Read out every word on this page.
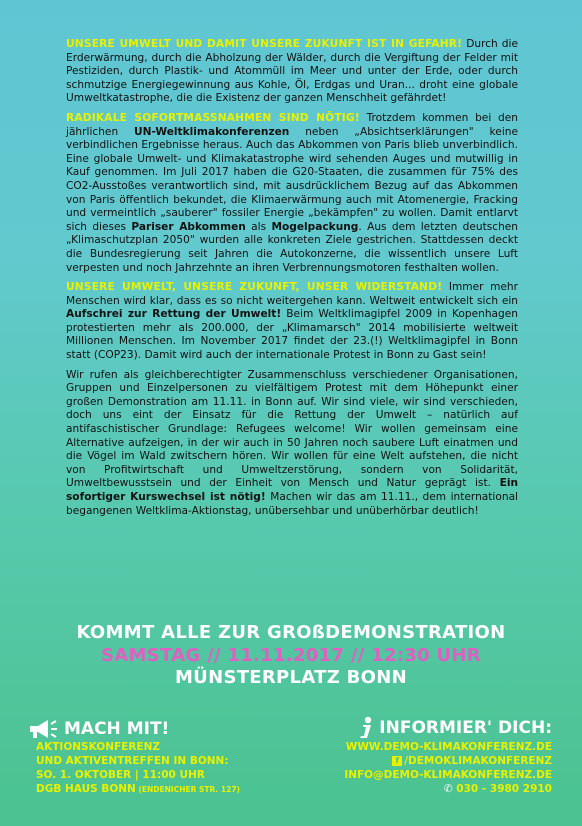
UNSERE UMWELT UND DAMIT UNSERE ZUKUNFT IST IN GEFAHR! Durch die Erderwärmung, durch die Abholzung der Wälder, durch die Vergiftung der Felder mit Pestiziden, durch Plastik- und Atommüll im Meer und unter der Erde, oder durch schmutzige Energiegewinnung aus Kohle, Öl, Erdgas und Uran... droht eine globale Umweltkatastrophe, die die Existenz der ganzen Menschheit gefährdet!

RADIKALE SOFORTMASSNAHMEN SIND NÖTIG! Trotzdem kommen bei den jährlichen UN-Weltklimakonferenzen neben „Absichtserklärungen" keine verbindlichen Ergebnisse heraus. Auch das Abkommen von Paris blieb unverbindlich. Eine globale Umwelt- und Klimakatastrophe wird sehenden Auges und mutwillig in Kauf genommen. Im Juli 2017 haben die G20-Staaten, die zusammen für 75% des CO2-Ausstoßes verantwortlich sind, mit ausdrücklichem Bezug auf das Abkommen von Paris öffentlich bekundet, die Klimaerwärmung auch mit Atomenergie, Fracking und vermeintlich „sauberer" fossiler Energie „bekämpfen" zu wollen. Damit entlarvt sich dieses Pariser Abkommen als Mogelpackung. Aus dem letzten deutschen „Klimaschutzplan 2050" wurden alle konkreten Ziele gestrichen. Stattdessen deckt die Bundesregierung seit Jahren die Autokonzerne, die wissentlich unsere Luft verpesten und noch Jahrzehnte an ihren Verbrennungsmotoren festhalten wollen.

UNSERE UMWELT, UNSERE ZUKUNFT, UNSER WIDERSTAND! Immer mehr Menschen wird klar, dass es so nicht weitergehen kann. Weltweit entwickelt sich ein Aufschrei zur Rettung der Umwelt! Beim Weltklimagipfel 2009 in Kopenhagen protestierten mehr als 200.000, der „Klimamarsch" 2014 mobilisierte weltweit Millionen Menschen. Im November 2017 findet der 23.(!) Weltklimagipfel in Bonn statt (COP23). Damit wird auch der internationale Protest in Bonn zu Gast sein!

Wir rufen als gleichberechtigter Zusammenschluss verschiedener Organisationen, Gruppen und Einzelpersonen zu vielfältigem Protest mit dem Höhepunkt einer großen Demonstration am 11.11. in Bonn auf. Wir sind viele, wir sind verschieden, doch uns eint der Einsatz für die Rettung der Umwelt – natürlich auf antifaschistischer Grundlage: Refugees welcome! Wir wollen gemeinsam eine Alternative aufzeigen, in der wir auch in 50 Jahren noch saubere Luft einatmen und die Vögel im Wald zwitschern hören. Wir wollen für eine Welt aufstehen, die nicht von Profitwirtschaft und Umweltzerstörung, sondern von Solidarität, Umweltbewusstsein und der Einheit von Mensch und Natur geprägt ist. Ein sofortiger Kurswechsel ist nötig! Machen wir das am 11.11., dem international begangenen Weltklima-Aktionstag, unübersehbar und unüberhörbar deutlich!

KOMMT ALLE ZUR GROßDEMONSTRATION
SAMSTAG // 11.11.2017 // 12:30 UHR
MÜNSTERPLATZ BONN
MACH MIT!
AKTIONSKONFERENZ
UND AKTIVENTREFFEN IN BONN:
SO. 1. OKTOBER | 11:00 UHR
DGB HAUS BONN (ENDENICHER STR. 127)
INFORMIER' DICH:
WWW.DEMO-KLIMAKONFERENZ.DE
f /DEMOKLIMAKONFERENZ
INFO@DEMO-KLIMAKONFERENZ.DE
✆ 030 - 3980 2910
